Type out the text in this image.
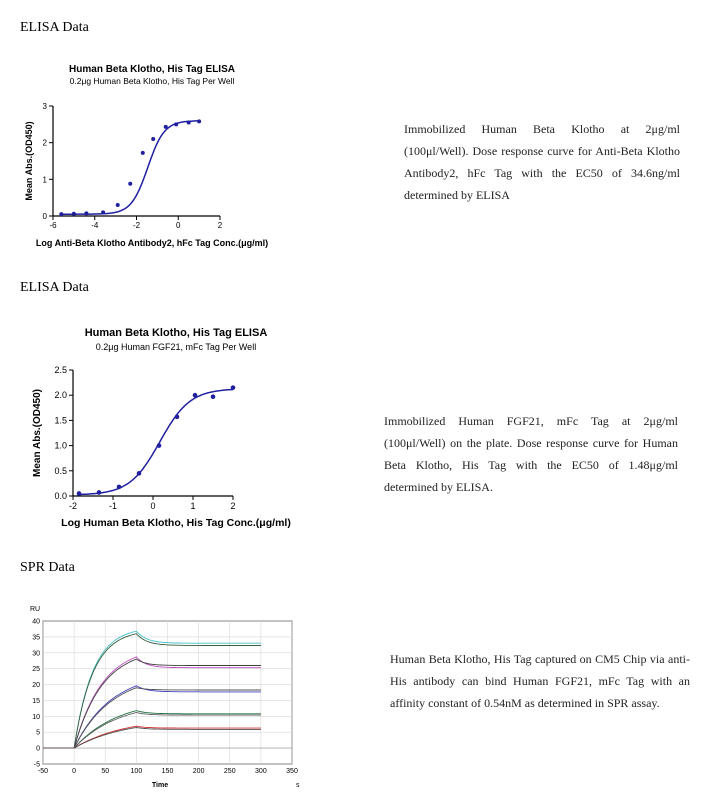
ELISA Data
ELISA Data
SPR Data
Immobilized Human Beta Klotho at 2μg/ml (100μl/Well). Dose response curve for Anti-Beta Klotho Antibody2, hFc Tag with the EC50 of 34.6ng/ml determined by ELISA
Immobilized Human FGF21, mFc Tag at 2μg/ml (100μl/Well) on the plate. Dose response curve for Human Beta Klotho, His Tag with the EC50 of 1.48μg/ml determined by ELISA.
Human Beta Klotho, His Tag captured on CM5 Chip via anti-His antibody can bind Human FGF21, mFc Tag with an affinity constant of 0.54nM as determined in SPR assay.
Human Beta Klotho, His Tag ELISA
0.2μg Human Beta Klotho, His Tag Per Well
Log Anti-Beta Klotho Antibody2, hFc Tag Conc.(μg/ml)
Mean Abs.(OD450)
0
1
2
3
-6	-4	-2	0	2
Human Beta Klotho, His Tag ELISA
0.2μg Human FGF21, mFc Tag Per Well
Log Human Beta Klotho, His Tag Conc.(μg/ml)
Mean Abs.(OD450)
0.0
0.5
1.0
1.5
2.0
2.5
-2	-1	0	1	2
RU
Time	s
-5
0
5
10
15
20
25
30
35
40
-50	0	50	100	150	200	250	300	350
